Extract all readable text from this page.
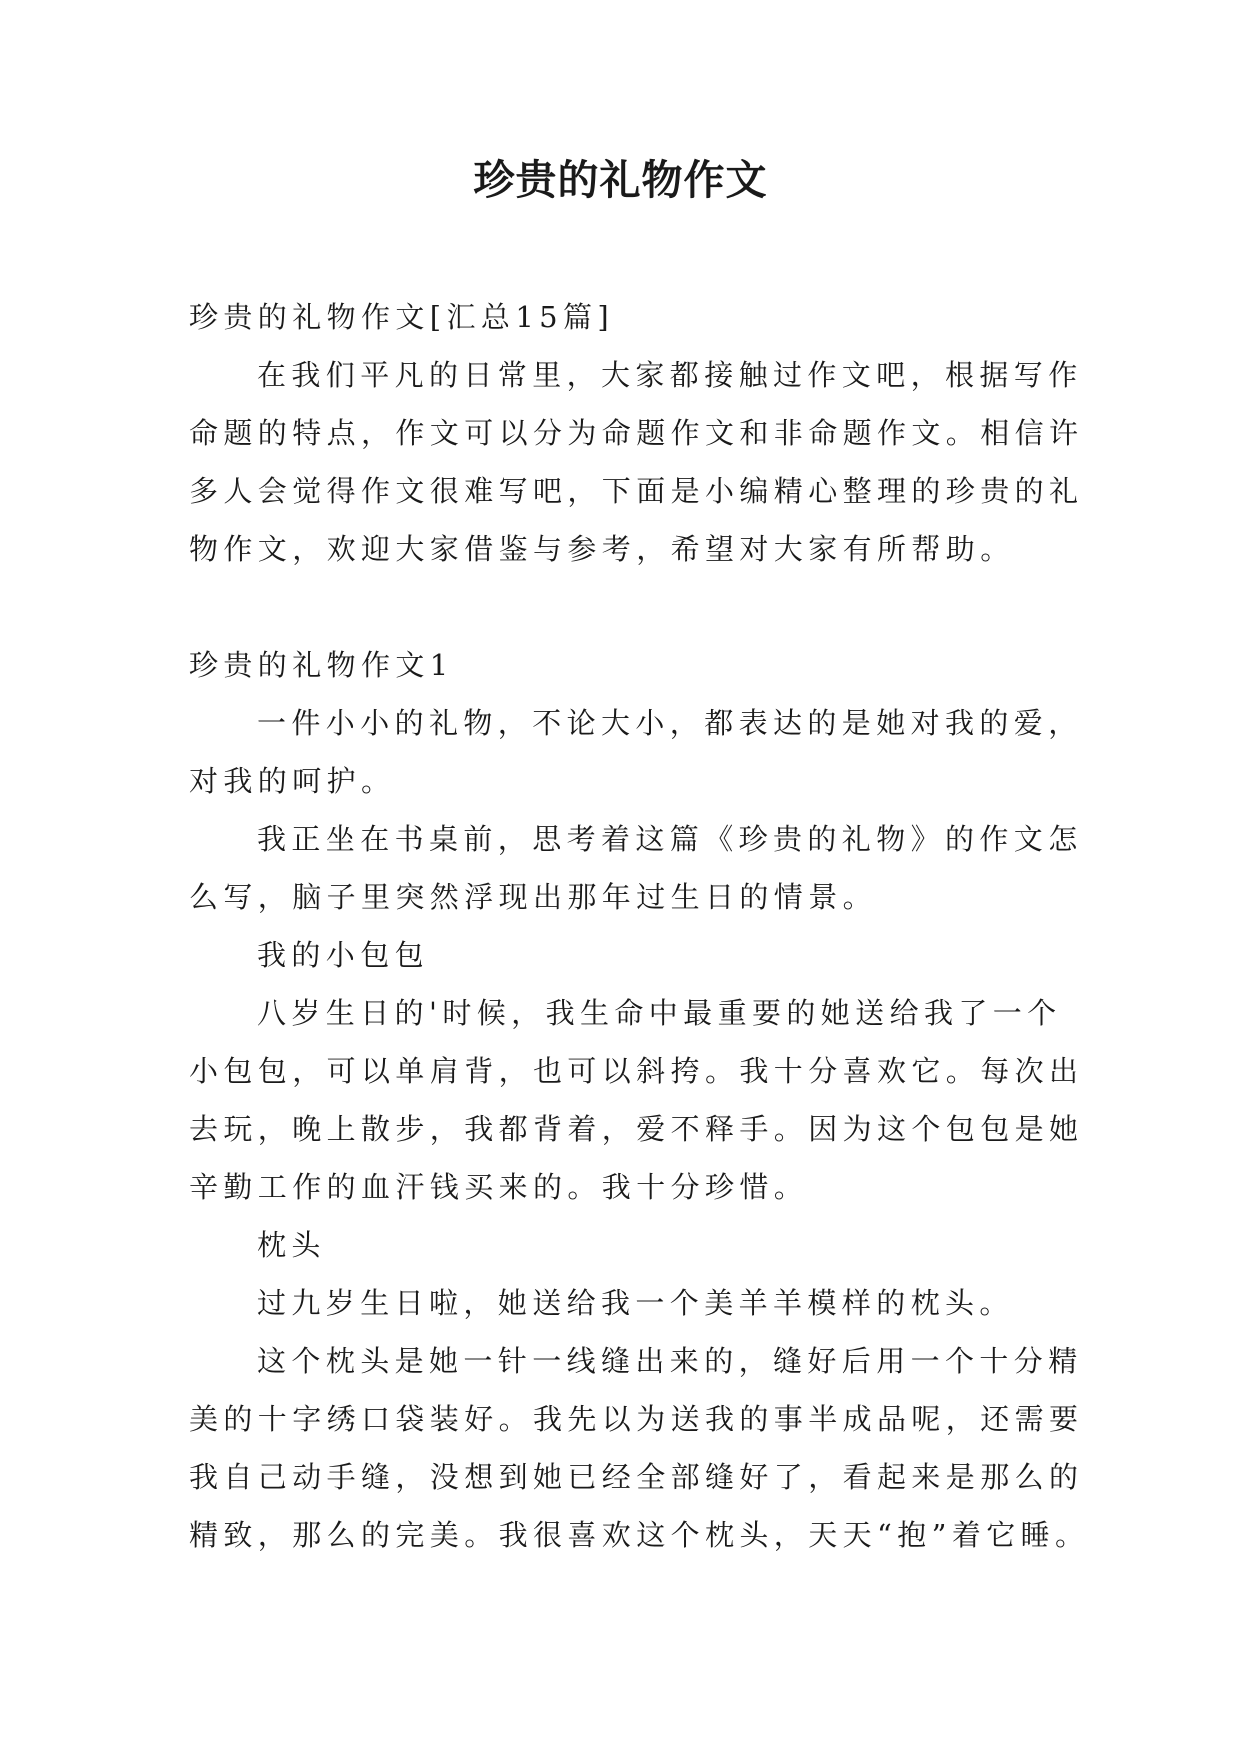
珍贵的礼物作文

珍贵的礼物作文[汇总15篇]

在我们平凡的日常里，大家都接触过作文吧，根据写作

命题的特点，作文可以分为命题作文和非命题作文。相信许

多人会觉得作文很难写吧，下面是小编精心整理的珍贵的礼

物作文，欢迎大家借鉴与参考，希望对大家有所帮助。

珍贵的礼物作文1

一件小小的礼物，不论大小，都表达的是她对我的爱，

对我的呵护。

我正坐在书桌前，思考着这篇《珍贵的礼物》的作文怎

么写，脑子里突然浮现出那年过生日的情景。

我的小包包

八岁生日的'时候，我生命中最重要的她送给我了一个

小包包，可以单肩背，也可以斜挎。我十分喜欢它。每次出

去玩，晚上散步，我都背着，爱不释手。因为这个包包是她

辛勤工作的血汗钱买来的。我十分珍惜。

枕头

过九岁生日啦，她送给我一个美羊羊模样的枕头。

这个枕头是她一针一线缝出来的，缝好后用一个十分精

美的十字绣口袋装好。我先以为送我的事半成品呢，还需要

我自己动手缝，没想到她已经全部缝好了，看起来是那么的

精致，那么的完美。我很喜欢这个枕头，天天“抱”着它睡。
